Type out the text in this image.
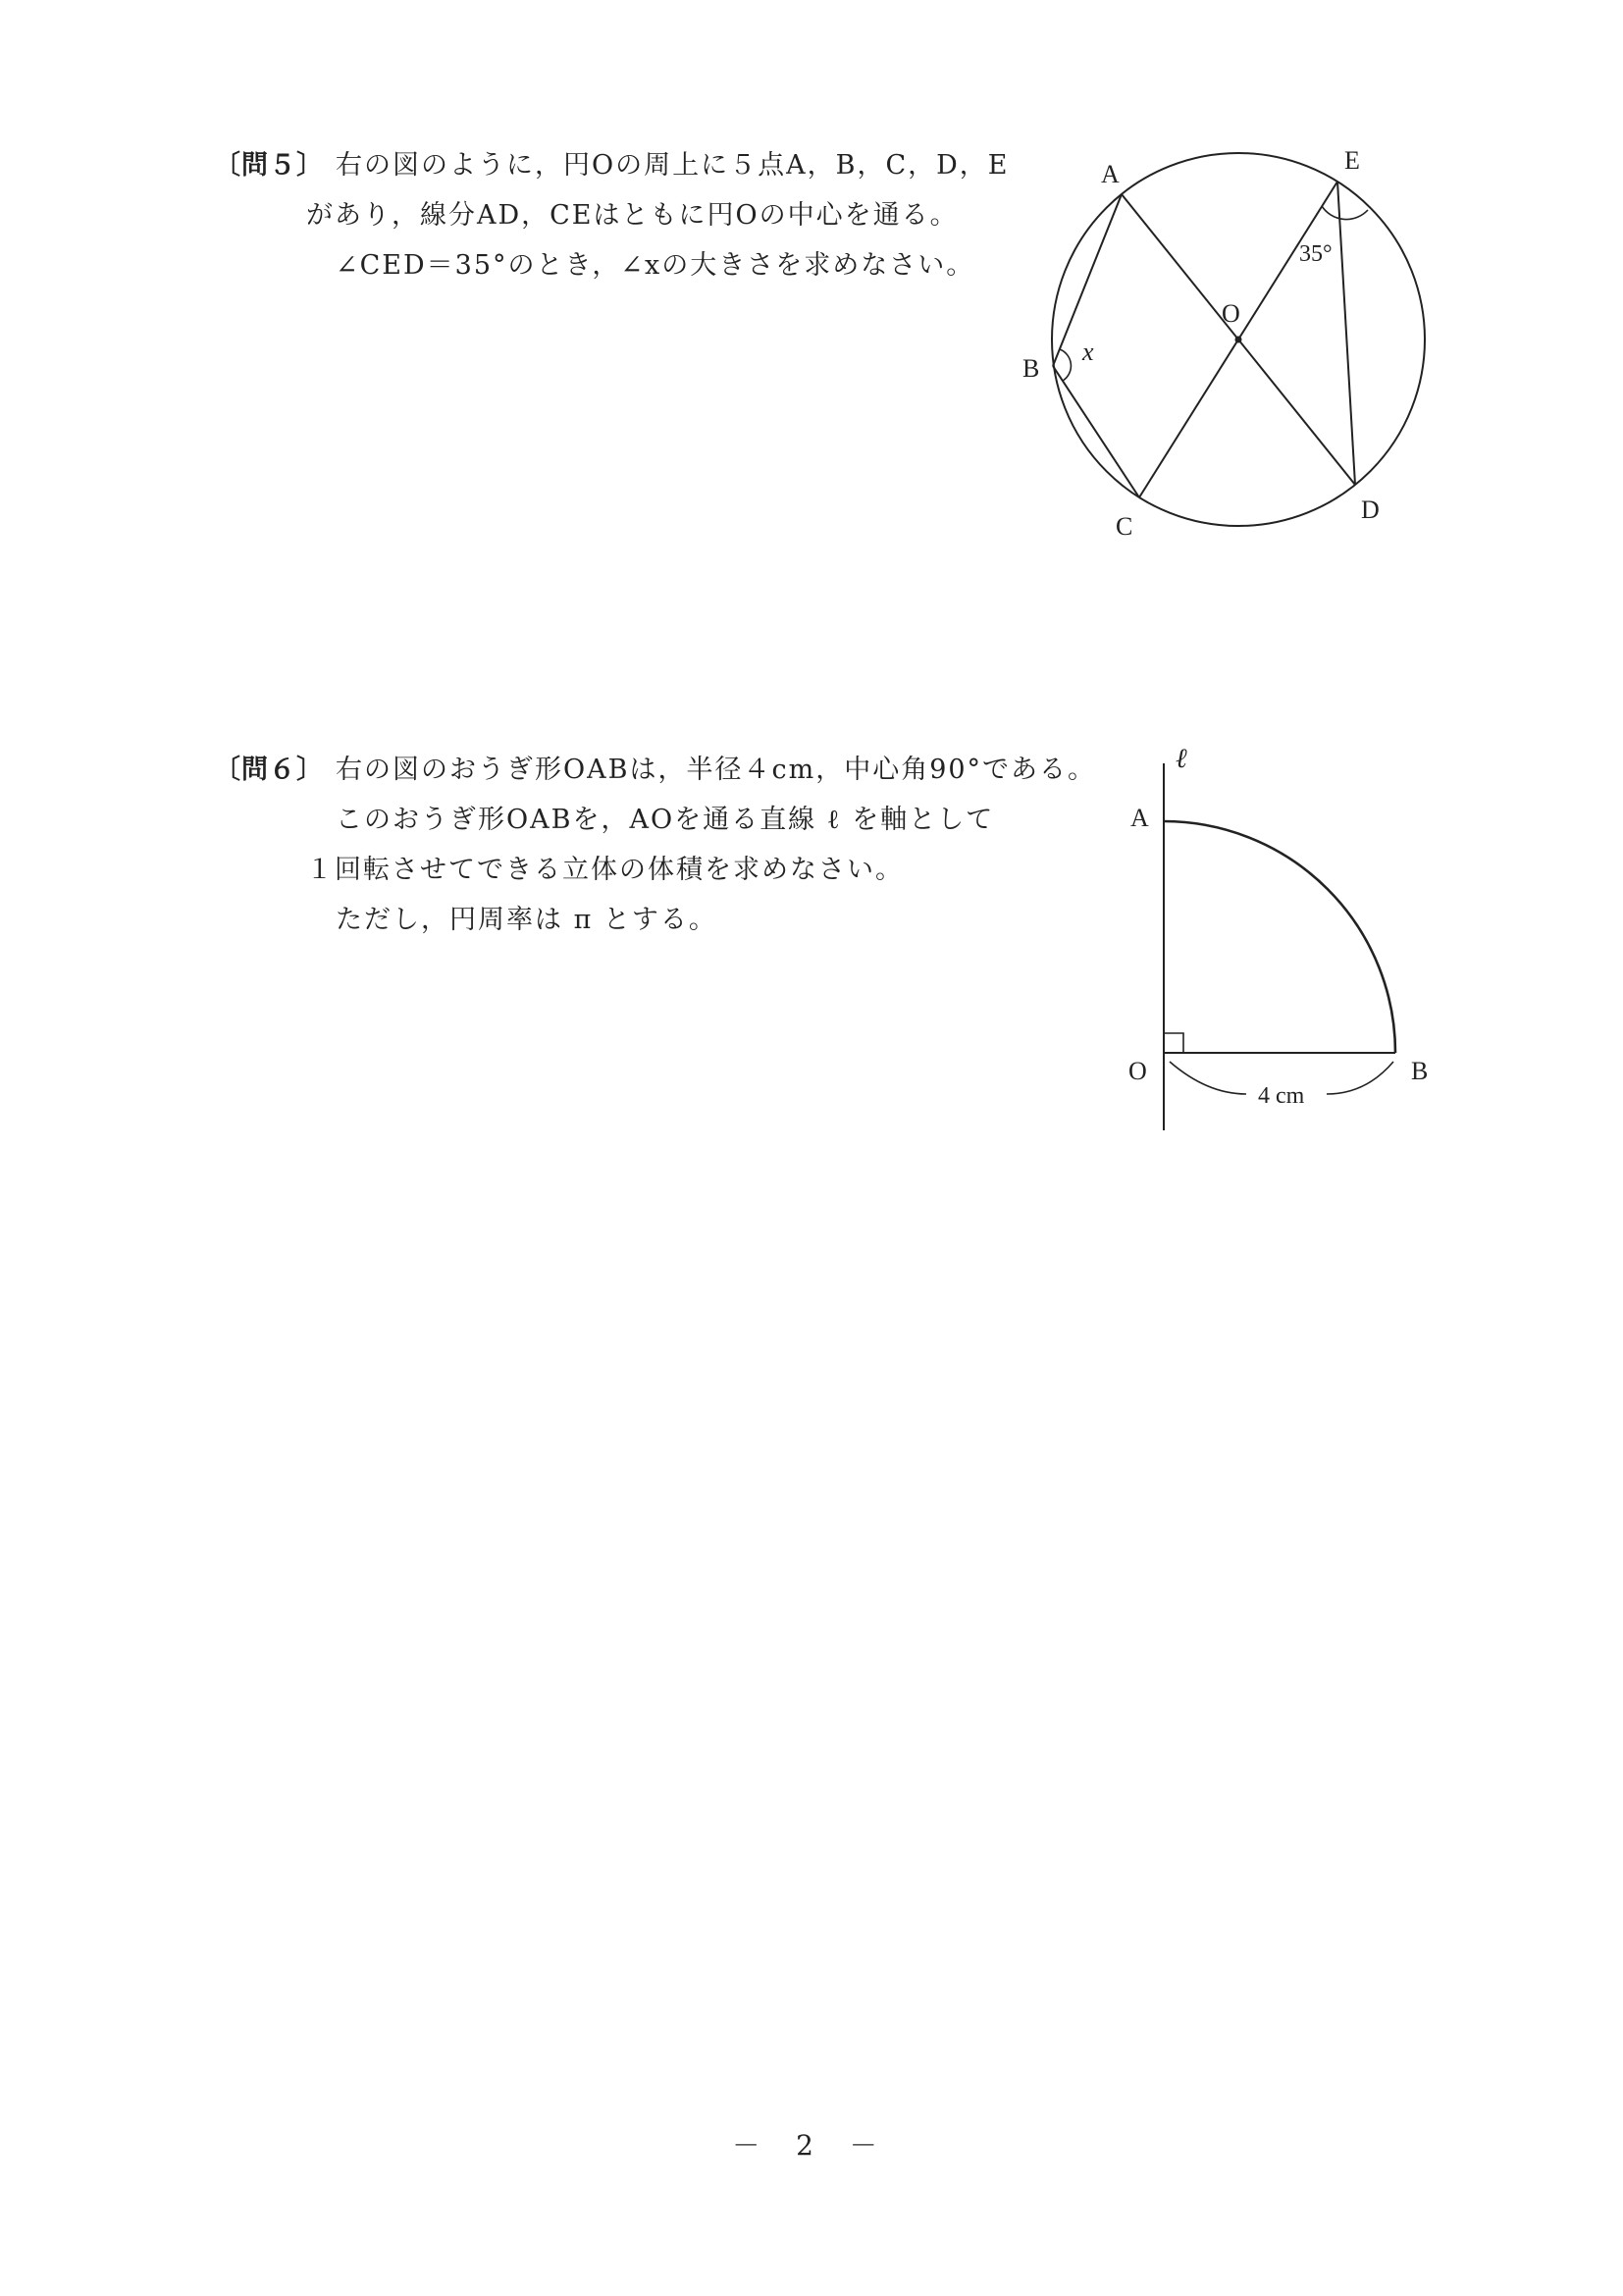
〔問５〕 右の図のように，円Oの周上に５点A，B，C，D，E
があり，線分AD，CEはともに円Oの中心を通る。
∠CED＝35°のとき，∠xの大きさを求めなさい。
A	E
O
B
x
C
D
35°
〔問６〕 右の図のおうぎ形OABは，半径４cm，中心角90°である。
このおうぎ形OABを，AOを通る直線 ℓ を軸として
１回転させてできる立体の体積を求めなさい。
ただし，円周率は π とする。
ℓ
A
O	B
4 cm
－ 2 －
